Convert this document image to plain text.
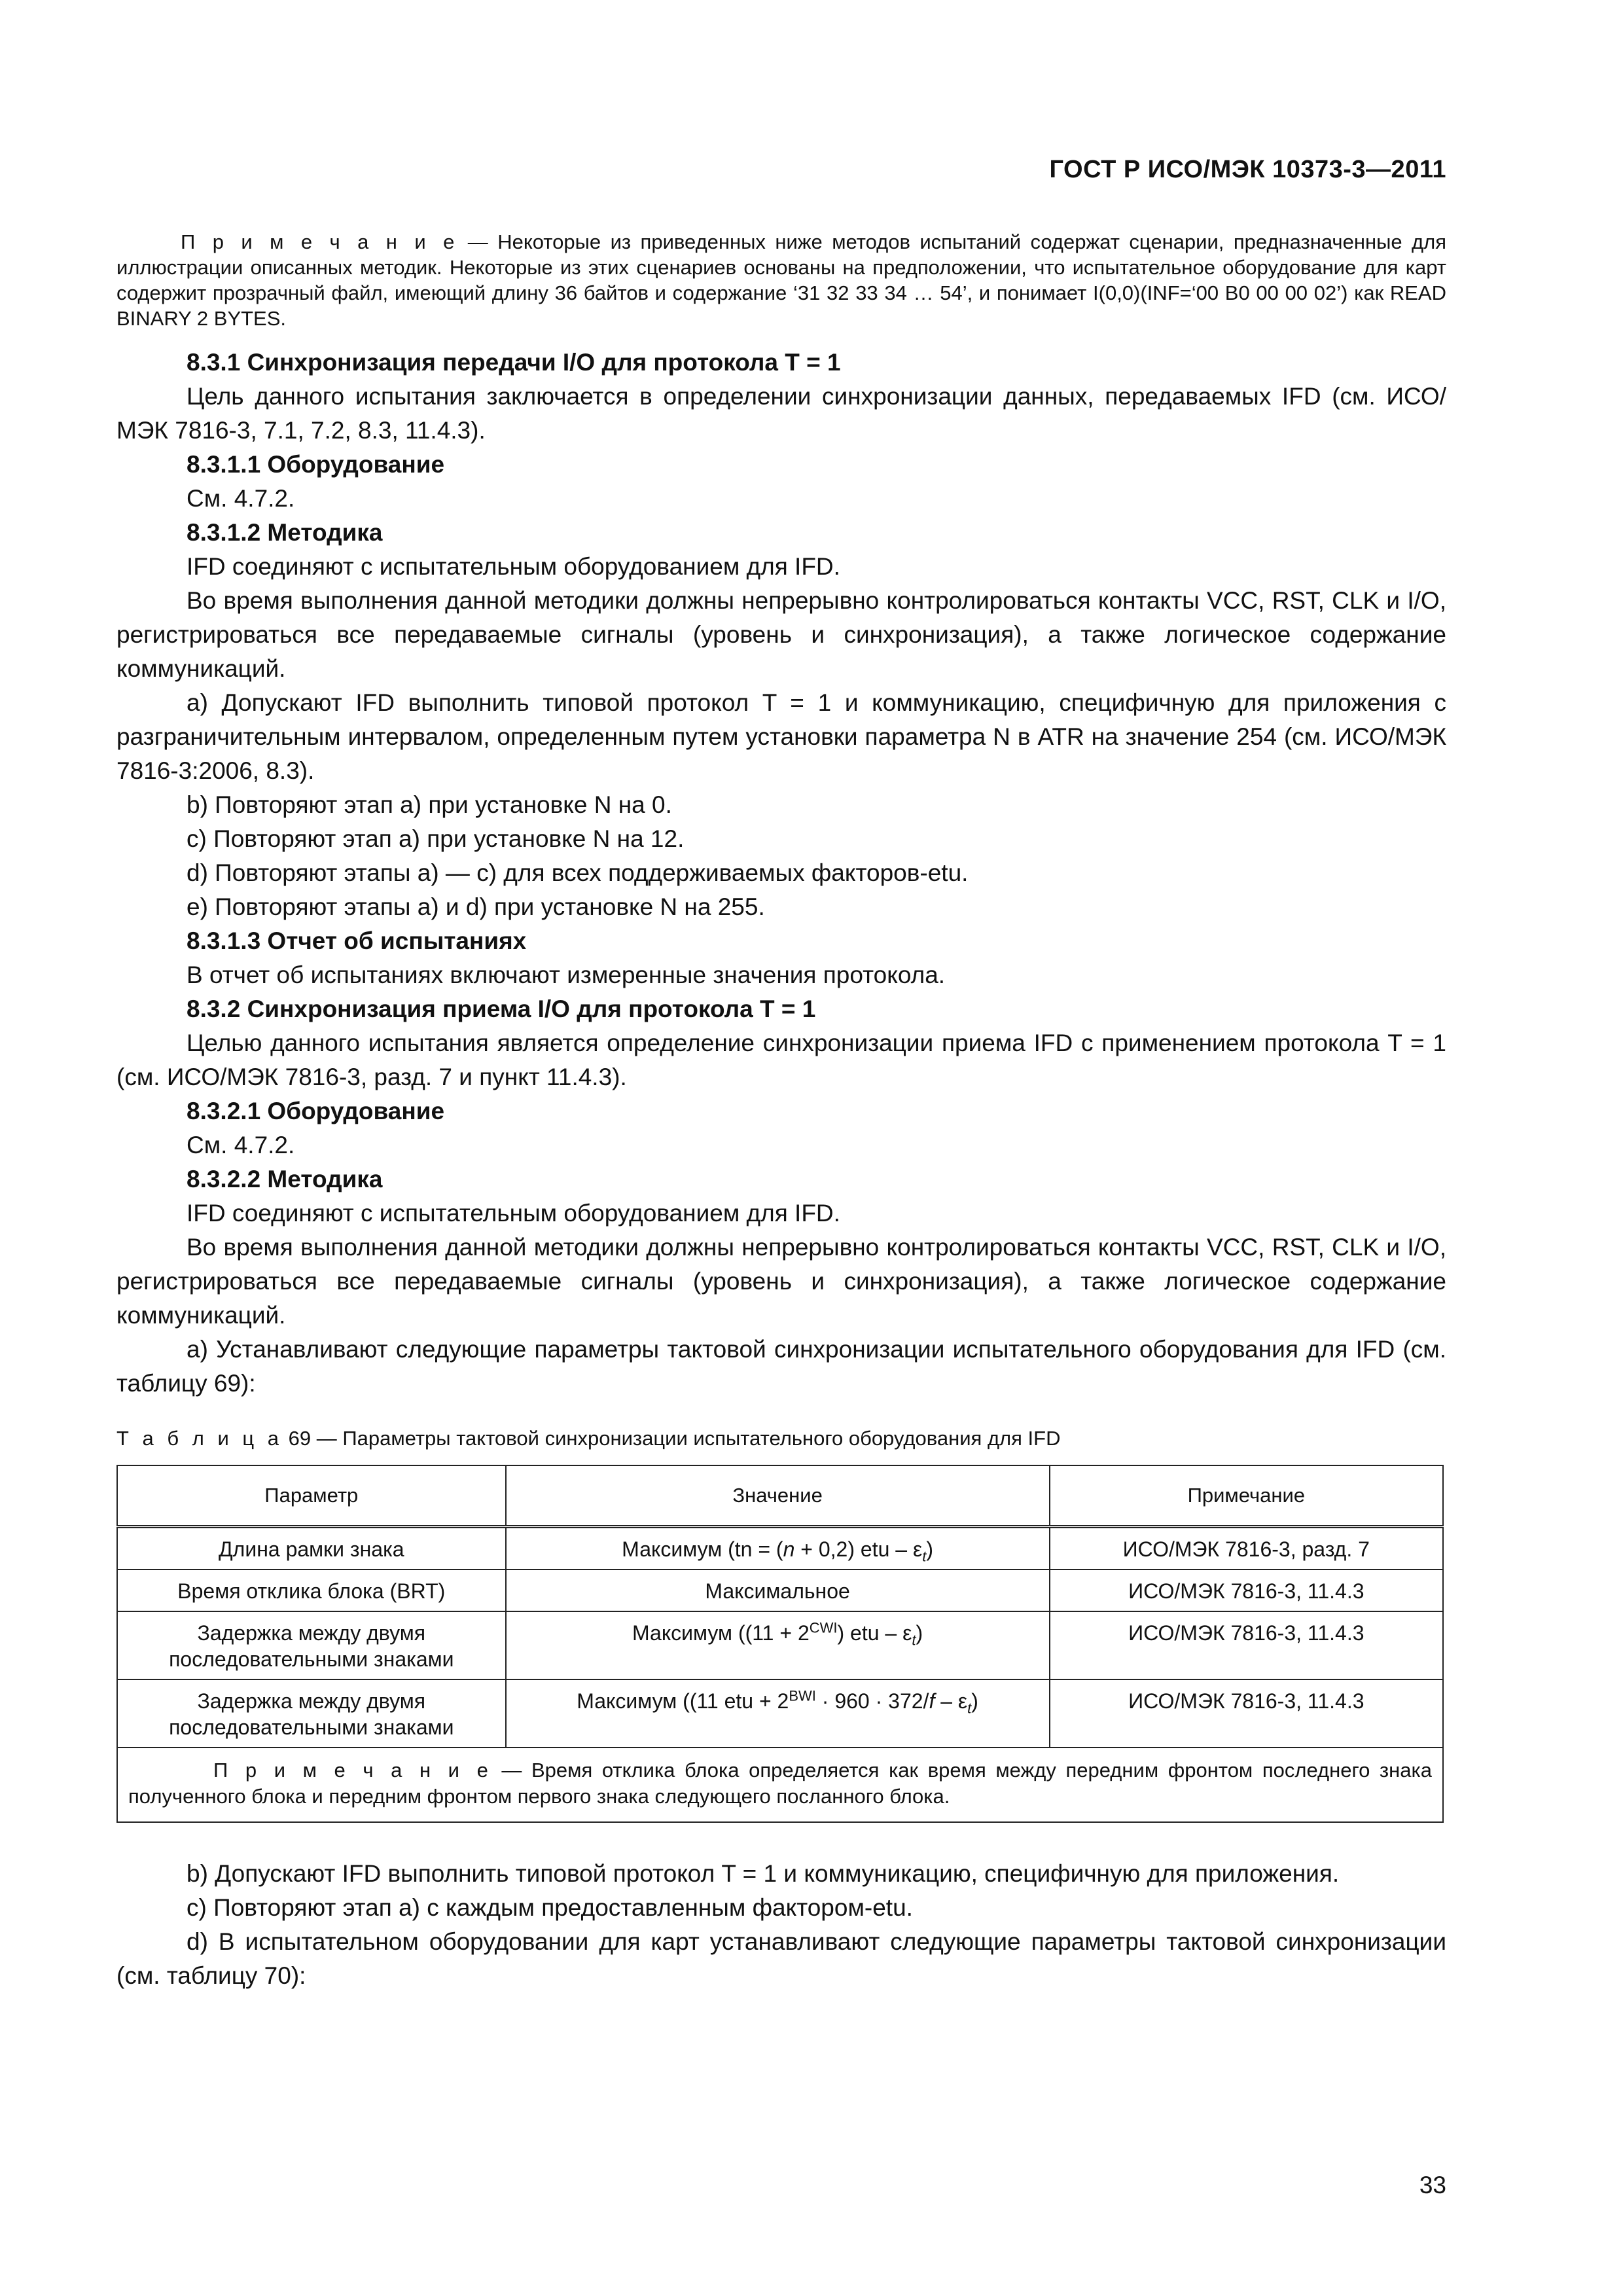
ГОСТ Р ИСО/МЭК 10373-3—2011

П р и м е ч а н и е — Некоторые из приведенных ниже методов испытаний содержат сценарии, предназначенные для иллюстрации описанных методик. Некоторые из этих сценариев основаны на предположении, что испытательное оборудование для карт содержит прозрачный файл, имеющий длину 36 байтов и содержание ‘31 32 33 34 … 54’, и понимает I(0,0)(INF=‘00 B0 00 00 02’) как READ BINARY 2 BYTES.

8.3.1 Синхронизация передачи I/O для протокола T = 1

Цель данного испытания заключается в определении синхронизации данных, передаваемых IFD (см. ИСО/МЭК 7816-3, 7.1, 7.2, 8.3, 11.4.3).

8.3.1.1 Оборудование

См. 4.7.2.

8.3.1.2 Методика

IFD соединяют с испытательным оборудованием для IFD.

Во время выполнения данной методики должны непрерывно контролироваться контакты VCC, RST, CLK и I/O, регистрироваться все передаваемые сигналы (уровень и синхронизация), а также логическое содержание коммуникаций.

a) Допускают IFD выполнить типовой протокол T = 1 и коммуникацию, специфичную для приложения с разграничительным интервалом, определенным путем установки параметра N в ATR на значение 254 (см. ИСО/МЭК 7816-3:2006, 8.3).

b) Повторяют этап a) при установке N на 0.

c) Повторяют этап a) при установке N на 12.

d) Повторяют этапы a) — c) для всех поддерживаемых факторов-etu.

e) Повторяют этапы a) и d) при установке N на 255.

8.3.1.3 Отчет об испытаниях

В отчет об испытаниях включают измеренные значения протокола.

8.3.2 Синхронизация приема I/O для протокола T = 1

Целью данного испытания является определение синхронизации приема IFD с применением протокола T = 1 (см. ИСО/МЭК 7816-3, разд. 7 и пункт 11.4.3).

8.3.2.1 Оборудование

См. 4.7.2.

8.3.2.2 Методика

IFD соединяют с испытательным оборудованием для IFD.

Во время выполнения данной методики должны непрерывно контролироваться контакты VCC, RST, CLK и I/O, регистрироваться все передаваемые сигналы (уровень и синхронизация), а также логическое содержание коммуникаций.

a) Устанавливают следующие параметры тактовой синхронизации испытательного оборудования для IFD (см. таблицу 69):

Т а б л и ц а 69 — Параметры тактовой синхронизации испытательного оборудования для IFD

Параметр	Значение	Примечание
Длина рамки знака	Максимум (tn = (n + 0,2) etu – $\varepsilon_t$)	ИСО/МЭК 7816-3, разд. 7
Время отклика блока (BRT)	Максимальное	ИСО/МЭК 7816-3, 11.4.3
Задержка между двумя последовательными знаками	Максимум ($(11 + 2^{CWI})$ etu – $\varepsilon_t$)	ИСО/МЭК 7816-3, 11.4.3
Задержка между двумя последовательными знаками	Максимум ((11 etu + $2^{BWI} \cdot 960 \cdot 372/f - \varepsilon_t$)	ИСО/МЭК 7816-3, 11.4.3
П р и м е ч а н и е — Время отклика блока определяется как время между передним фронтом последнего знака полученного блока и передним фронтом первого знака следующего посланного блока.		

b) Допускают IFD выполнить типовой протокол T = 1 и коммуникацию, специфичную для приложения.

c) Повторяют этап a) с каждым предоставленным фактором-etu.

d) В испытательном оборудовании для карт устанавливают следующие параметры тактовой синхронизации (см. таблицу 70):

33
